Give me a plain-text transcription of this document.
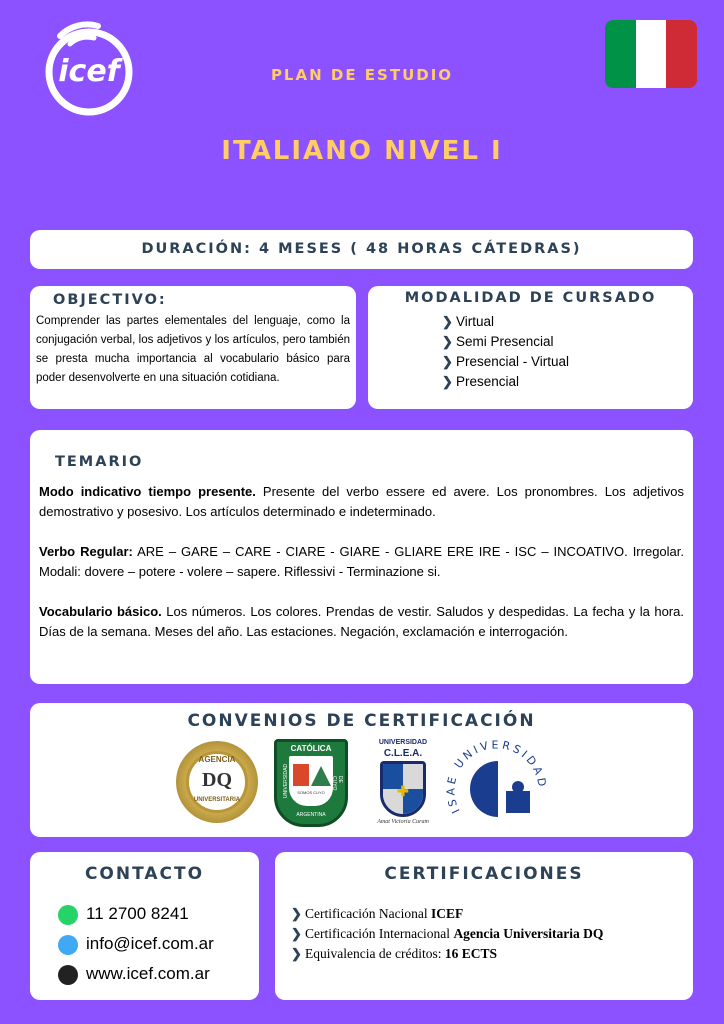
icef	PLAN DE ESTUDIO
ITALIANO NIVEL I
DURACIÓN: 4 MESES ( 48 HORAS CÁTEDRAS)
OBJECTIVO:

Comprender las partes elementales del lenguaje, como la conjugación verbal, los adjetivos y los artículos, pero también se presta mucha importancia al vocabulario básico para poder desenvolverte en una situación cotidiana.

MODALIDAD DE CURSADO
❯ Virtual
❯ Semi Presencial
❯ Presencial - Virtual
❯ Presencial
TEMARIO

Modo indicativo tiempo presente. Presente del verbo essere ed avere. Los pronombres. Los adjetivos demostrativo y posesivo. Los artículos determinado e indeterminado.

Verbo Regular: ARE – GARE – CARE - CIARE - GIARE - GLIARE ERE IRE - ISC – INCOATIVO. Irregolar. Modali: dovere – potere - volere – sapere. Riflessivi - Terminazione si.

Vocabulario básico. Los números. Los colores. Prendas de vestir. Saludos y despedidas. La fecha y la hora. Días de la semana. Meses del año. Las estaciones. Negación, exclamación e interrogación.

CONVENIOS DE CERTIFICACIÓN
AGENCIA
DQ
UNIVERSITARIA
CATÓLICA
SOMOS CUYO
UNIVERSIDAD	DE CUYO
ARGENTINA
UNIVERSIDAD
C.L.E.A.
✚
Amat Victoria Curam
IS E UNIVERSIDAD
CONTACTO
11 2700 8241
info@icef.com.ar
www.icef.com.ar
CERTIFICACIONES
❯ Certificación Nacional ICEF
❯ Certificación Internacional Agencia Universitaria DQ
❯ Equivalencia de créditos: 16 ECTS
